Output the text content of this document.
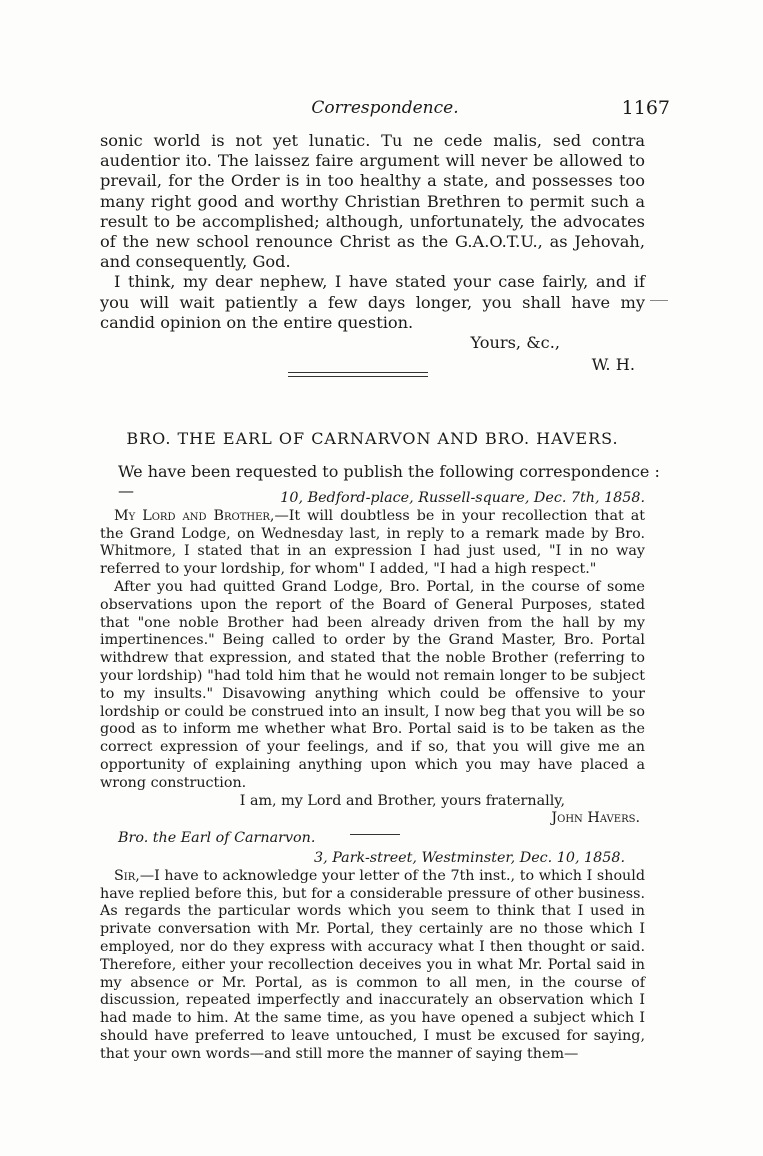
Correspondence.	1167

sonic world is not yet lunatic. Tu ne cede malis, sed contra audentior ito. The laissez faire argument will never be allowed to prevail, for the Order is in too healthy a state, and possesses too many right good and worthy Christian Brethren to permit such a result to be accomplished; although, unfortunately, the advocates of the new school renounce Christ as the G.A.O.T.U., as Jehovah, and consequently, God.

I think, my dear nephew, I have stated your case fairly, and if you will wait patiently a few days longer, you shall have my candid opinion on the entire question.

Yours, &c.,

W. H.

BRO. THE EARL OF CARNARVON AND BRO. HAVERS.
We have been requested to publish the following correspondence :—	10, Bedford-place, Russell-square, Dec. 7th, 1858.

My Lord and Brother,—It will doubtless be in your recollection that at the Grand Lodge, on Wednesday last, in reply to a remark made by Bro. Whitmore, I stated that in an expression I had just used, "I in no way referred to your lordship, for whom" I added, "I had a high respect."

After you had quitted Grand Lodge, Bro. Portal, in the course of some observations upon the report of the Board of General Purposes, stated that "one noble Brother had been already driven from the hall by my impertinences." Being called to order by the Grand Master, Bro. Portal withdrew that expression, and stated that the noble Brother (referring to your lordship) "had told him that he would not remain longer to be subject to my insults." Disavowing anything which could be offensive to your lordship or could be construed into an insult, I now beg that you will be so good as to inform me whether what Bro. Portal said is to be taken as the correct expression of your feelings, and if so, that you will give me an opportunity of explaining anything upon which you may have placed a wrong construction.

I am, my Lord and Brother, yours fraternally,

John Havers.

Bro. the Earl of Carnarvon.

3, Park-street, Westminster, Dec. 10, 1858.

Sir,—I have to acknowledge your letter of the 7th inst., to which I should have replied before this, but for a considerable pressure of other business. As regards the particular words which you seem to think that I used in private conversation with Mr. Portal, they certainly are no those which I employed, nor do they express with accuracy what I then thought or said. Therefore, either your recollection deceives you in what Mr. Portal said in my absence or Mr. Portal, as is common to all men, in the course of discussion, repeated imperfectly and inaccurately an observation which I had made to him. At the same time, as you have opened a subject which I should have preferred to leave untouched, I must be excused for saying, that your own words—and still more the manner of saying them—
